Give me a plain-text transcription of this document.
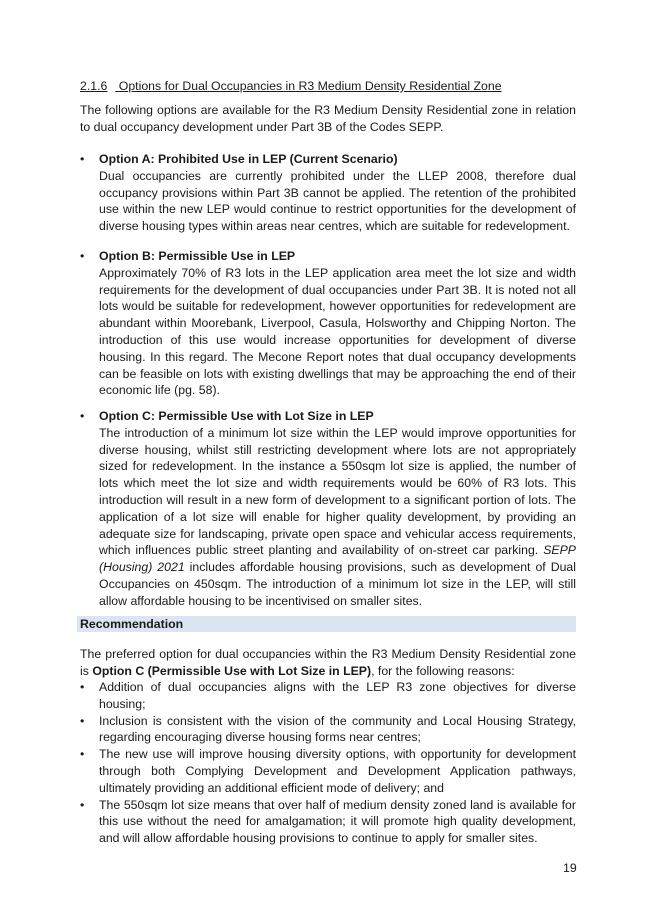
2.1.6 Options for Dual Occupancies in R3 Medium Density Residential Zone

The following options are available for the R3 Medium Density Residential zone in relation to dual occupancy development under Part 3B of the Codes SEPP.

•	Option A: Prohibited Use in LEP (Current Scenario)
Dual occupancies are currently prohibited under the LLEP 2008, therefore dual occupancy provisions within Part 3B cannot be applied. The retention of the prohibited use within the new LEP would continue to restrict opportunities for the development of diverse housing types within areas near centres, which are suitable for redevelopment.
•	Option B: Permissible Use in LEP
Approximately 70% of R3 lots in the LEP application area meet the lot size and width requirements for the development of dual occupancies under Part 3B. It is noted not all lots would be suitable for redevelopment, however opportunities for redevelopment are abundant within Moorebank, Liverpool, Casula, Holsworthy and Chipping Norton. The introduction of this use would increase opportunities for development of diverse housing. In this regard. The Mecone Report notes that dual occupancy developments can be feasible on lots with existing dwellings that may be approaching the end of their economic life (pg. 58).
•	Option C: Permissible Use with Lot Size in LEP
The introduction of a minimum lot size within the LEP would improve opportunities for diverse housing, whilst still restricting development where lots are not appropriately sized for redevelopment. In the instance a 550sqm lot size is applied, the number of lots which meet the lot size and width requirements would be 60% of R3 lots. This introduction will result in a new form of development to a significant portion of lots. The application of a lot size will enable for higher quality development, by providing an adequate size for landscaping, private open space and vehicular access requirements, which influences public street planting and availability of on-street car parking. SEPP (Housing) 2021 includes affordable housing provisions, such as development of Dual Occupancies on 450sqm. The introduction of a minimum lot size in the LEP, will still allow affordable housing to be incentivised on smaller sites.
Recommendation

The preferred option for dual occupancies within the R3 Medium Density Residential zone is Option C (Permissible Use with Lot Size in LEP), for the following reasons:

• Addition of dual occupancies aligns with the LEP R3 zone objectives for diverse housing;
• Inclusion is consistent with the vision of the community and Local Housing Strategy, regarding encouraging diverse housing forms near centres;
• The new use will improve housing diversity options, with opportunity for development through both Complying Development and Development Application pathways, ultimately providing an additional efficient mode of delivery; and
• The 550sqm lot size means that over half of medium density zoned land is available for this use without the need for amalgamation; it will promote high quality development, and will allow affordable housing provisions to continue to apply for smaller sites.
19
